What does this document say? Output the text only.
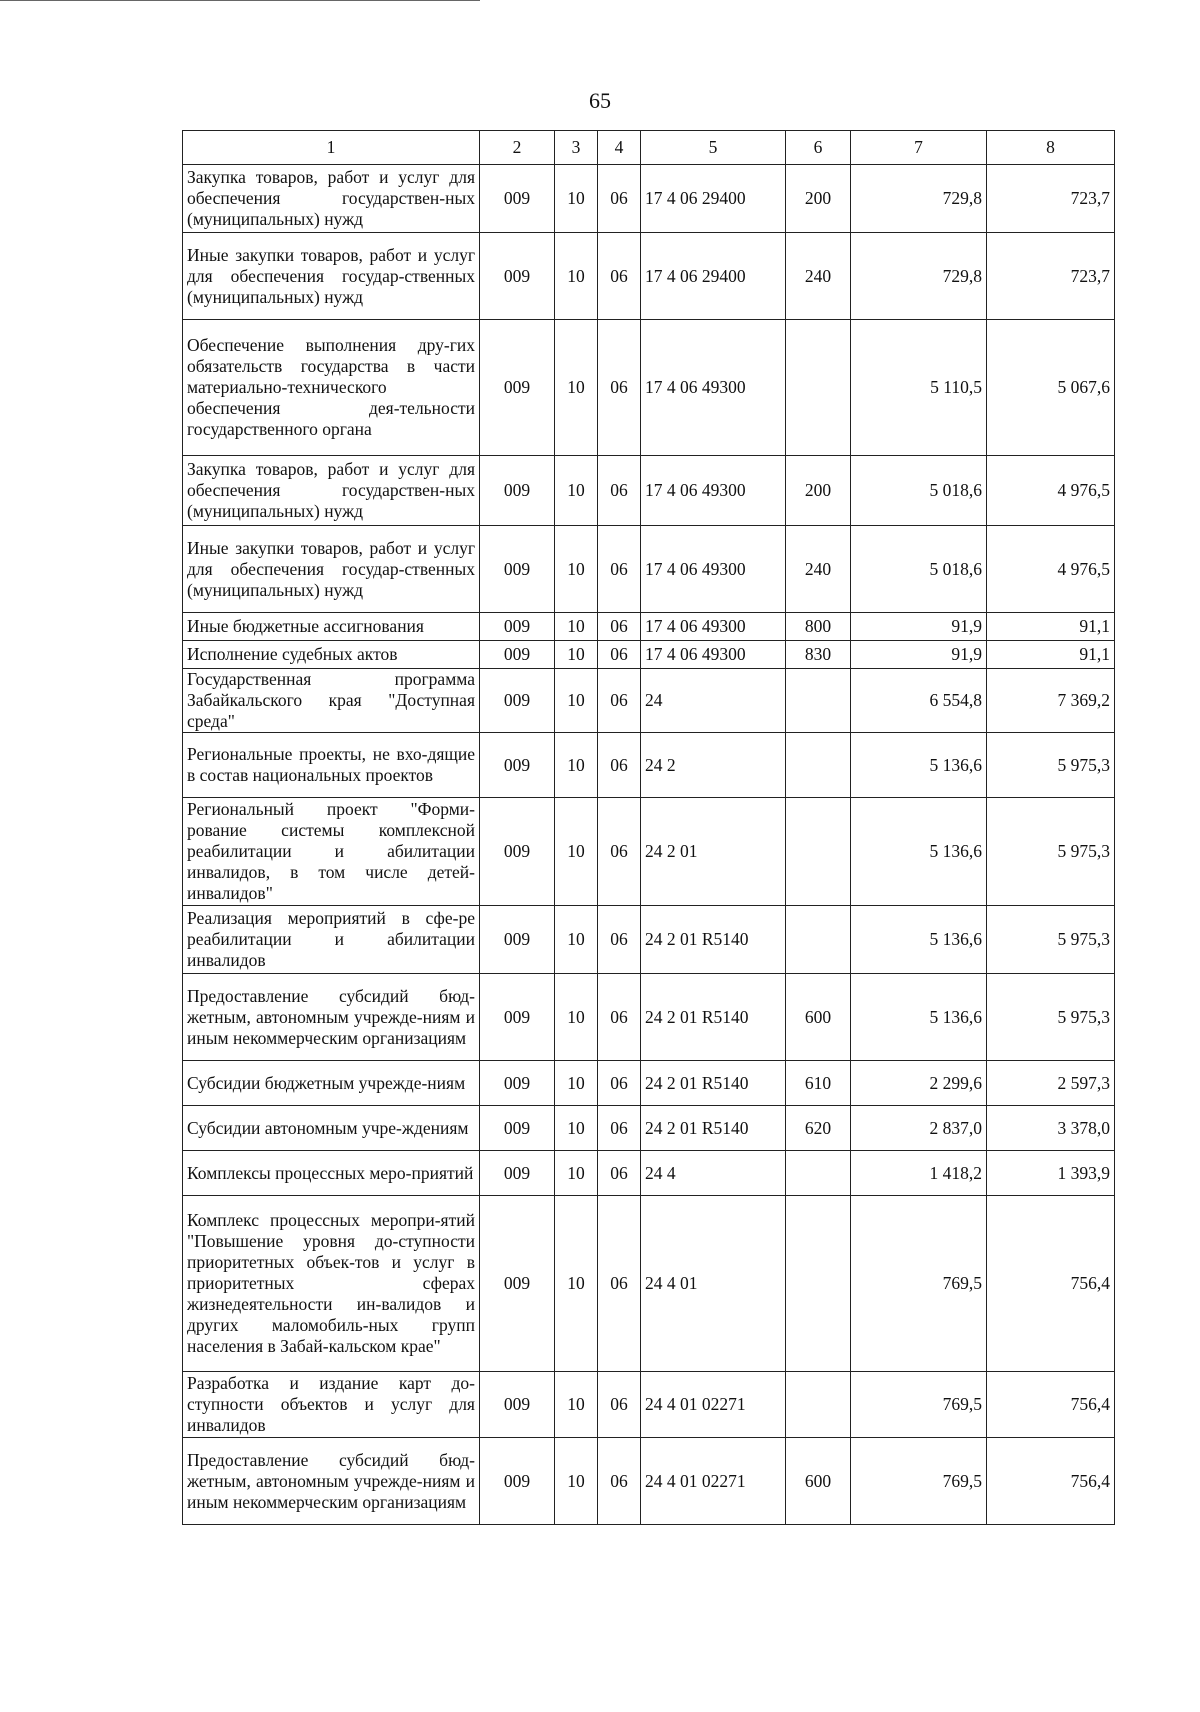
65
1	2	3	4	5	6	7	8
Закупка товаров, работ и услуг для обеспечения государствен-ных (муниципальных) нужд	009	10	06	17 4 06 29400	200	729,8	723,7
Иные закупки товаров, работ и услуг для обеспечения государ-ственных (муниципальных) нужд	009	10	06	17 4 06 29400	240	729,8	723,7
Обеспечение выполнения дру-гих обязательств государства в части материально-технического обеспечения дея-тельности государственного органа	009	10	06	17 4 06 49300		5 110,5	5 067,6
Закупка товаров, работ и услуг для обеспечения государствен-ных (муниципальных) нужд	009	10	06	17 4 06 49300	200	5 018,6	4 976,5
Иные закупки товаров, работ и услуг для обеспечения государ-ственных (муниципальных) нужд	009	10	06	17 4 06 49300	240	5 018,6	4 976,5
Иные бюджетные ассигнования	009	10	06	17 4 06 49300	800	91,9	91,1
Исполнение судебных актов	009	10	06	17 4 06 49300	830	91,9	91,1
Государственная программа Забайкальского края "Доступная среда"	009	10	06	24		6 554,8	7 369,2
Региональные проекты, не вхо-дящие в состав национальных проектов	009	10	06	24 2		5 136,6	5 975,3
Региональный проект "Форми-рование системы комплексной реабилитации и абилитации инвалидов, в том числе детей-инвалидов"	009	10	06	24 2 01		5 136,6	5 975,3
Реализация мероприятий в сфе-ре реабилитации и абилитации инвалидов	009	10	06	24 2 01 R5140		5 136,6	5 975,3
Предоставление субсидий бюд-жетным, автономным учрежде-ниям и иным некоммерческим организациям	009	10	06	24 2 01 R5140	600	5 136,6	5 975,3
Субсидии бюджетным учрежде-ниям	009	10	06	24 2 01 R5140	610	2 299,6	2 597,3
Субсидии автономным учре-ждениям	009	10	06	24 2 01 R5140	620	2 837,0	3 378,0
Комплексы процессных меро-приятий	009	10	06	24 4		1 418,2	1 393,9
Комплекс процессных меропри-ятий "Повышение уровня до-ступности приоритетных объек-тов и услуг в приоритетных сферах жизнедеятельности ин-валидов и других маломобиль-ных групп населения в Забай-кальском крае"	009	10	06	24 4 01		769,5	756,4
Разработка и издание карт до-ступности объектов и услуг для инвалидов	009	10	06	24 4 01 02271		769,5	756,4
Предоставление субсидий бюд-жетным, автономным учрежде-ниям и иным некоммерческим организациям	009	10	06	24 4 01 02271	600	769,5	756,4
